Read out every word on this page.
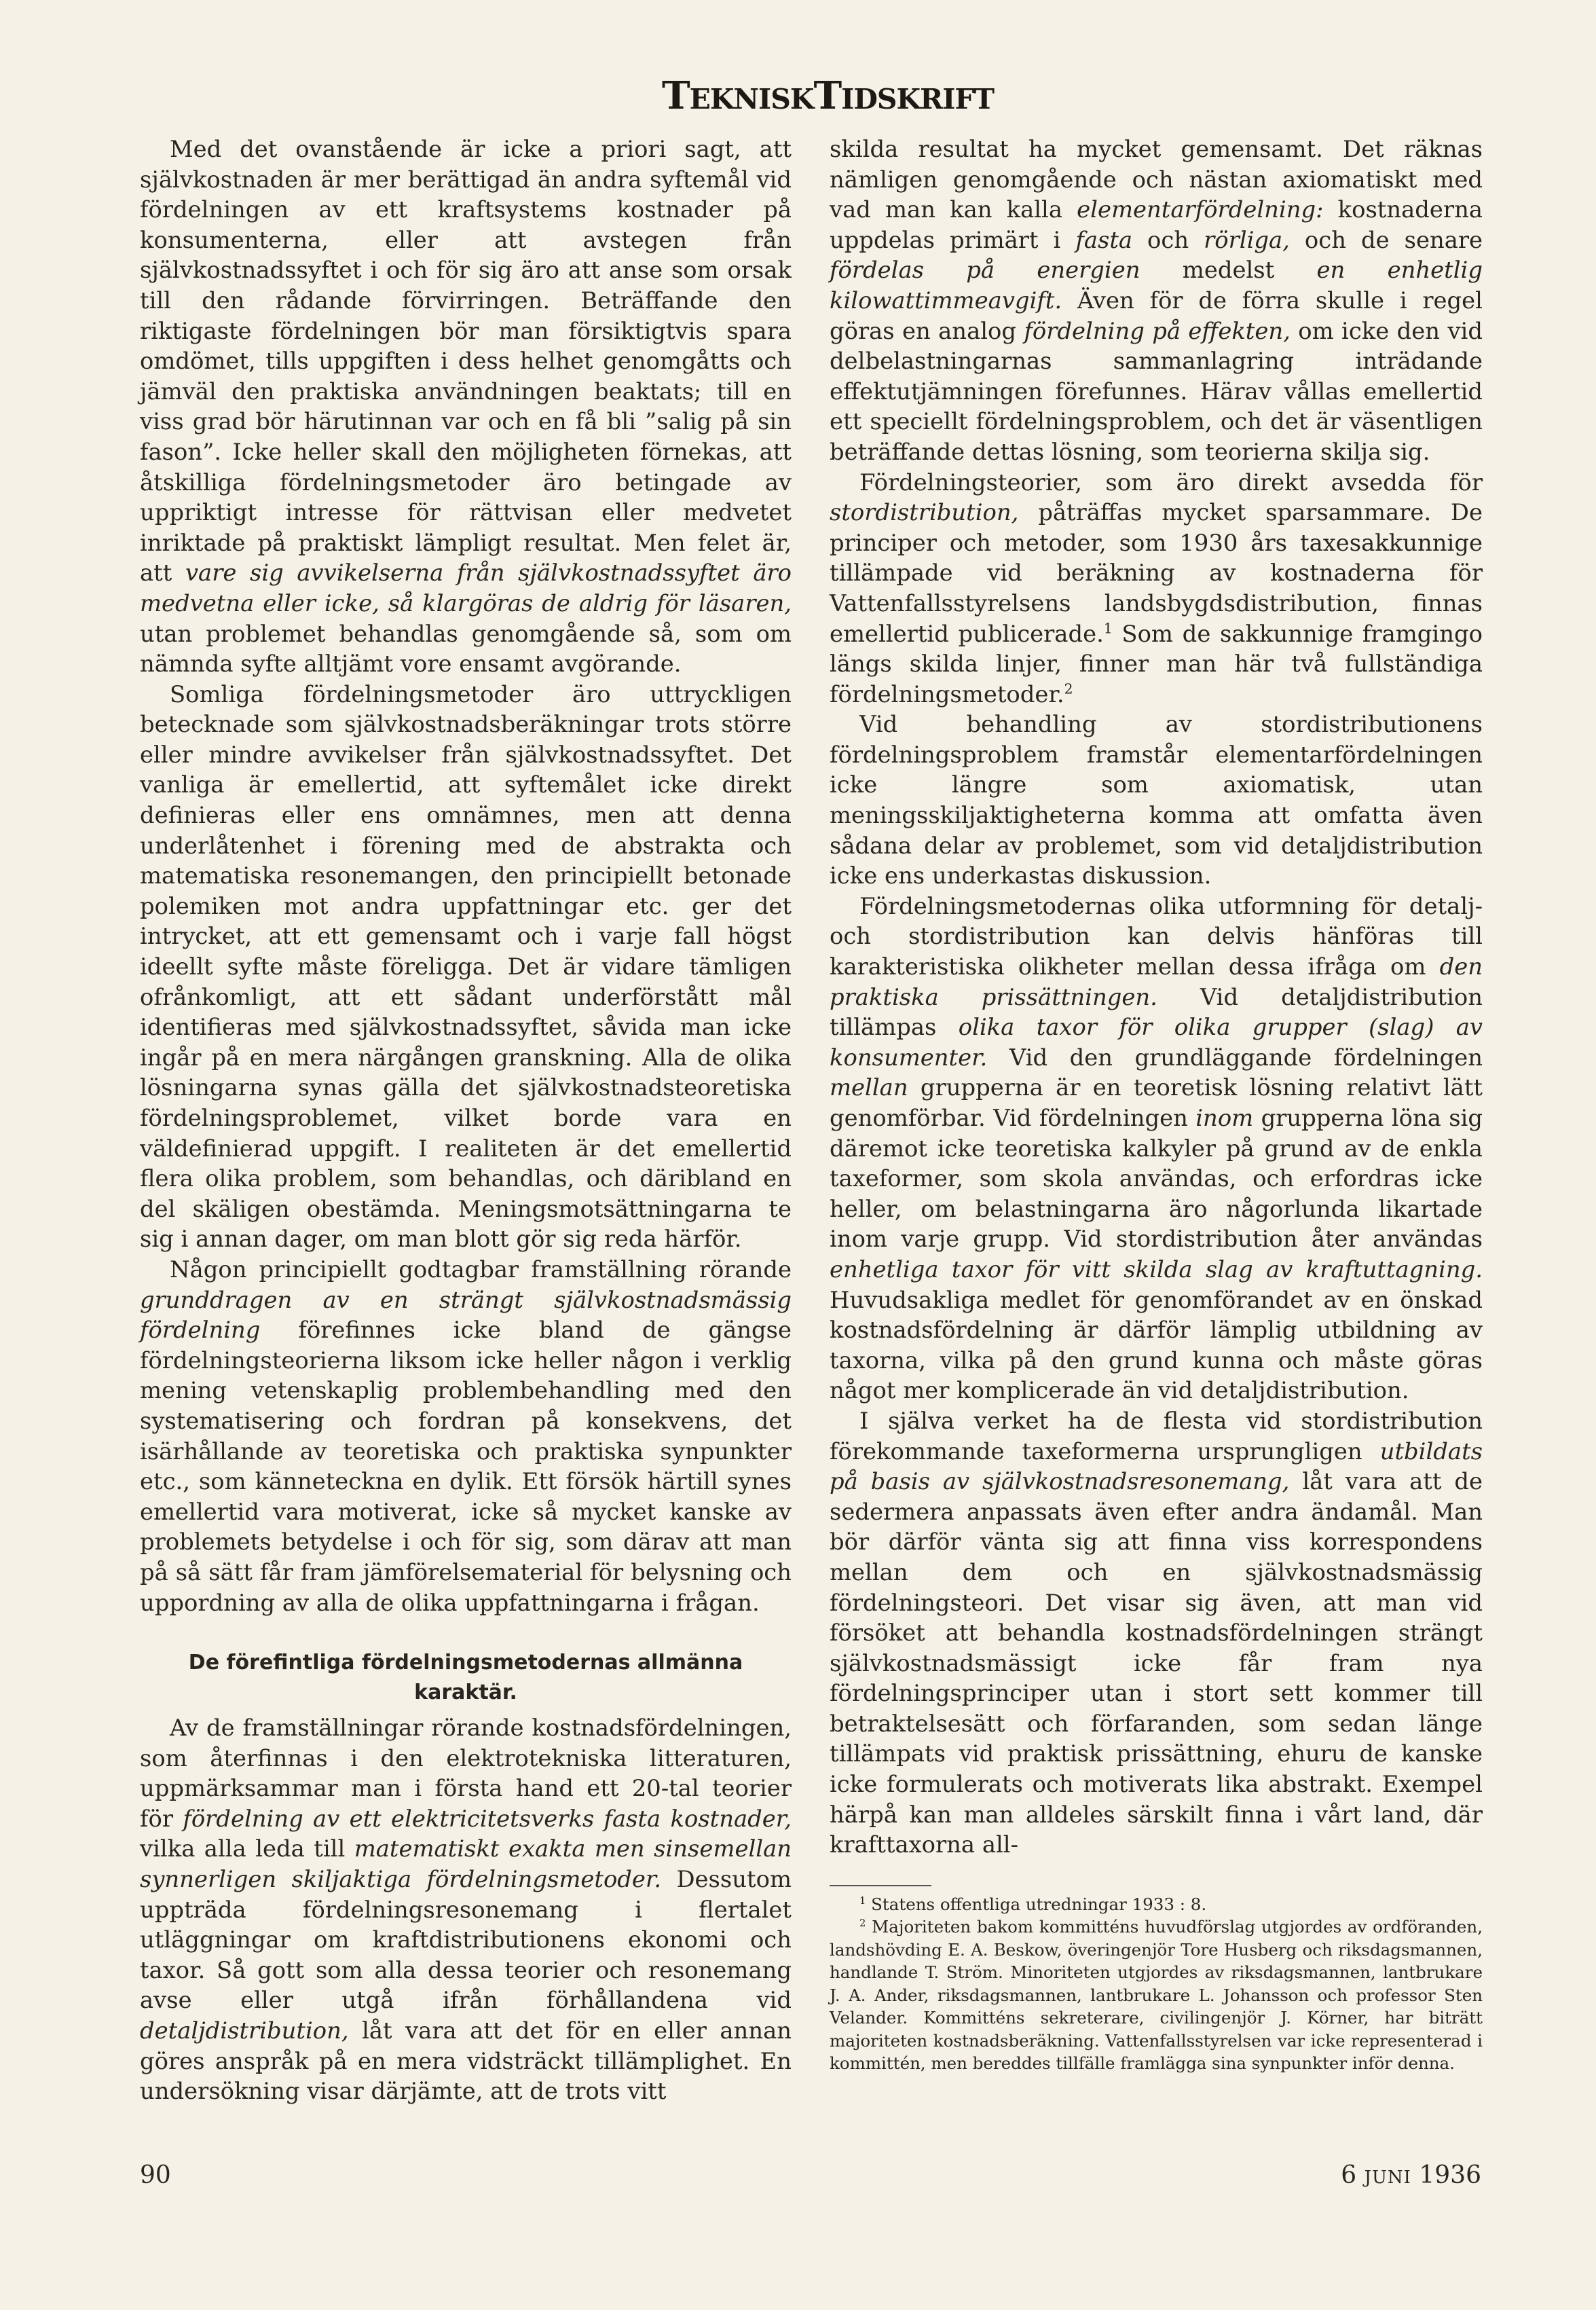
TEKNISKTIDSKRIFT

Med det ovanstående är icke a priori sagt, att självkostnaden är mer berättigad än andra syftemål vid fördelningen av ett kraftsystems kostnader på konsumenterna, eller att avstegen från självkostnadssyftet i och för sig äro att anse som orsak till den rådande förvirringen. Beträffande den riktigaste fördelningen bör man försiktigtvis spara omdömet, tills uppgiften i dess helhet genomgåtts och jämväl den praktiska användningen beaktats; till en viss grad bör härutinnan var och en få bli ”salig på sin fason”. Icke heller skall den möjligheten förnekas, att åtskilliga fördelningsmetoder äro betingade av uppriktigt intresse för rättvisan eller medvetet inriktade på praktiskt lämpligt resultat. Men felet är, att vare sig avvikelserna från självkostnadssyftet äro medvetna eller icke, så klargöras de aldrig för läsaren, utan problemet behandlas genomgående så, som om nämnda syfte alltjämt vore ensamt avgörande.

Somliga fördelningsmetoder äro uttryckligen betecknade som självkostnadsberäkningar trots större eller mindre avvikelser från självkostnadssyftet. Det vanliga är emellertid, att syftemålet icke direkt definieras eller ens omnämnes, men att denna underlåtenhet i förening med de abstrakta och matematiska resonemangen, den principiellt betonade polemiken mot andra uppfattningar etc. ger det intrycket, att ett gemensamt och i varje fall högst ideellt syfte måste föreligga. Det är vidare tämligen ofrånkomligt, att ett sådant underförstått mål identifieras med självkostnadssyftet, såvida man icke ingår på en mera närgången granskning. Alla de olika lösningarna synas gälla det självkostnadsteoretiska fördelningsproblemet, vilket borde vara en väldefinierad uppgift. I realiteten är det emellertid flera olika problem, som behandlas, och däribland en del skäligen obestämda. Meningsmotsättningarna te sig i annan dager, om man blott gör sig reda härför.

Någon principiellt godtagbar framställning rörande grunddragen av en strängt självkostnadsmässig fördelning förefinnes icke bland de gängse fördelningsteorierna liksom icke heller någon i verklig mening vetenskaplig problembehandling med den systematisering och fordran på konsekvens, det isärhållande av teoretiska och praktiska synpunkter etc., som känneteckna en dylik. Ett försök härtill synes emellertid vara motiverat, icke så mycket kanske av problemets betydelse i och för sig, som därav att man på så sätt får fram jämförelsematerial för belysning och uppordning av alla de olika uppfattningarna i frågan.

De förefintliga fördelningsmetodernas allmänna karaktär.

Av de framställningar rörande kostnadsfördelningen, som återfinnas i den elektrotekniska litteraturen, uppmärksammar man i första hand ett 20-tal teorier för fördelning av ett elektricitetsverks fasta kostnader, vilka alla leda till matematiskt exakta men sinsemellan synnerligen skiljaktiga fördelningsmetoder. Dessutom uppträda fördelningsresonemang i flertalet utläggningar om kraftdistributionens ekonomi och taxor. Så gott som alla dessa teorier och resonemang avse eller utgå ifrån förhållandena vid detaljdistribution, låt vara att det för en eller annan göres anspråk på en mera vidsträckt tillämplighet. En undersökning visar därjämte, att de trots vitt

skilda resultat ha mycket gemensamt. Det räknas nämligen genomgående och nästan axiomatiskt med vad man kan kalla elementarfördelning: kostnaderna uppdelas primärt i fasta och rörliga, och de senare fördelas på energien medelst en enhetlig kilowattimmeavgift. Även för de förra skulle i regel göras en analog fördelning på effekten, om icke den vid delbelastningarnas sammanlagring inträdande effektutjämningen förefunnes. Härav vållas emellertid ett speciellt fördelningsproblem, och det är väsentligen beträffande dettas lösning, som teorierna skilja sig.

Fördelningsteorier, som äro direkt avsedda för stordistribution, påträffas mycket sparsammare. De principer och metoder, som 1930 års taxesakkunnige tillämpade vid beräkning av kostnaderna för Vattenfallsstyrelsens landsbygdsdistribution, finnas emellertid publicerade.$^1$ Som de sakkunnige framgingo längs skilda linjer, finner man här två fullständiga fördelningsmetoder.$^2$

Vid behandling av stordistributionens fördelningsproblem framstår elementarfördelningen icke längre som axiomatisk, utan meningsskiljaktigheterna komma att omfatta även sådana delar av problemet, som vid detaljdistribution icke ens underkastas diskussion.

Fördelningsmetodernas olika utformning för detalj- och stordistribution kan delvis hänföras till karakteristiska olikheter mellan dessa ifråga om den praktiska prissättningen. Vid detaljdistribution tillämpas olika taxor för olika grupper (slag) av konsumenter. Vid den grundläggande fördelningen mellan grupperna är en teoretisk lösning relativt lätt genomförbar. Vid fördelningen inom grupperna löna sig däremot icke teoretiska kalkyler på grund av de enkla taxeformer, som skola användas, och erfordras icke heller, om belastningarna äro någorlunda likartade inom varje grupp. Vid stordistribution åter användas enhetliga taxor för vitt skilda slag av kraftuttagning. Huvudsakliga medlet för genomförandet av en önskad kostnadsfördelning är därför lämplig utbildning av taxorna, vilka på den grund kunna och måste göras något mer komplicerade än vid detaljdistribution.

I själva verket ha de flesta vid stordistribution förekommande taxeformerna ursprungligen utbildats på basis av självkostnadsresonemang, låt vara att de sedermera anpassats även efter andra ändamål. Man bör därför vänta sig att finna viss korrespondens mellan dem och en självkostnadsmässig fördelningsteori. Det visar sig även, att man vid försöket att behandla kostnadsfördelningen strängt självkostnadsmässigt icke får fram nya fördelningsprinciper utan i stort sett kommer till betraktelsesätt och förfaranden, som sedan länge tillämpats vid praktisk prissättning, ehuru de kanske icke formulerats och motiverats lika abstrakt. Exempel härpå kan man alldeles särskilt finna i vårt land, där krafttaxorna all-

$^1$ Statens offentliga utredningar 1933 : 8.

$^2$ Majoriteten bakom kommitténs huvudförslag utgjordes av ordföranden, landshövding E. A. Beskow, överingenjör Tore Husberg och riksdagsmannen, handlande T. Ström. Minoriteten utgjordes av riksdagsmannen, lantbrukare J. A. Ander, riksdagsmannen, lantbrukare L. Johansson och professor Sten Velander. Kommitténs sekreterare, civilingenjör J. Körner, har biträtt majoriteten kostnadsberäkning. Vattenfallsstyrelsen var icke representerad i kommittén, men bereddes tillfälle framlägga sina synpunkter inför denna.

90	6 JUNI 1936
